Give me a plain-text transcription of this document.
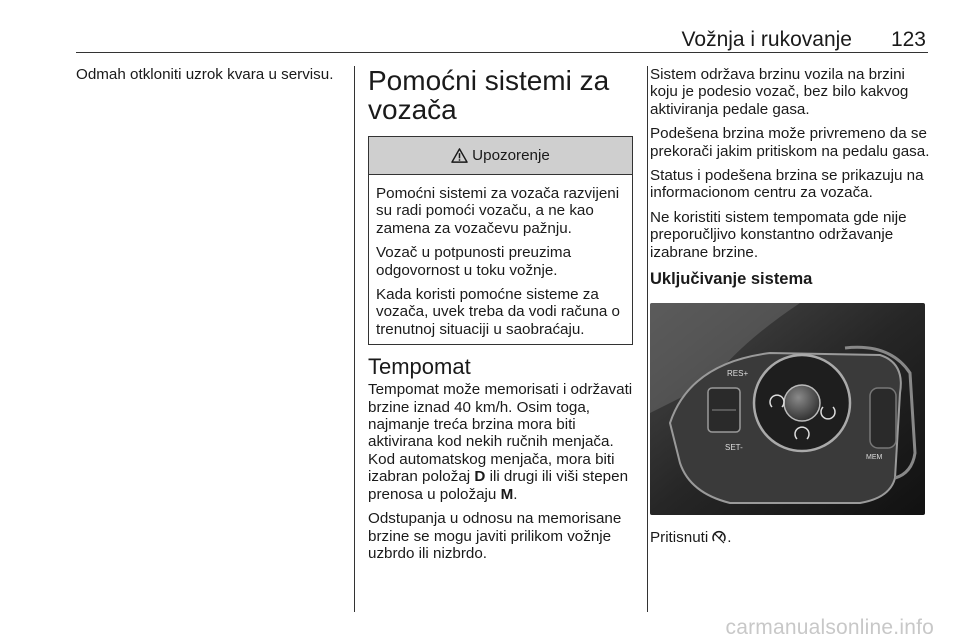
Vožnja i rukovanje 123

Odmah otkloniti uzrok kvara u servisu. Pomoćni sistemi za vozača
Upozorenje

Pomoćni sistemi za vozača razvijeni su radi pomoći vozaču, a ne kao zamena za vozačevu pažnju.

Vozač u potpunosti preuzima odgovornost u toku vožnje.

Kada koristi pomoćne sisteme za vozača, uvek treba da vodi računa o trenutnoj situaciji u saobraćaju.

Tempomat

Tempomat može memorisati i održavati brzine iznad 40 km/h. Osim toga, najmanje treća brzina mora biti aktivirana kod nekih ručnih menjača. Kod automatskog menjača, mora biti izabran položaj D ili drugi ili viši stepen prenosa u položaju M.

Odstupanja u odnosu na memorisane brzine se mogu javiti prilikom vožnje uzbrdo ili nizbrdo.

Sistem održava brzinu vozila na brzini koju je podesio vozač, bez bilo kakvog aktiviranja pedale gasa.

Podešena brzina može privremeno da se prekorači jakim pritiskom na pedalu gasa.

Status i podešena brzina se prikazuju na informacionom centru za vozača.

Ne koristiti sistem tempomata gde nije preporučljivo konstantno održavanje izabrane brzine.

Uključivanje sistema
RES+
SET-
MEM

Pritisnuti .

carmanualsonline.info
